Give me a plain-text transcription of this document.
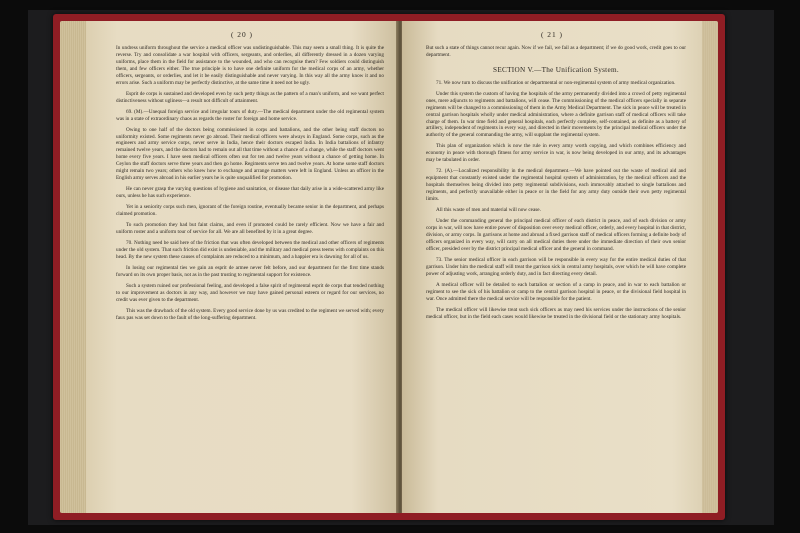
( 20 )

In undress uniform throughout the service a medical officer was undistinguishable. This may seem a small thing. It is quite the reverse. Try and consolidate a war hospital with officers, sergeants, and orderlies, all differently dressed in a dozen varying uniforms, place them in the field for assistance to the wounded, and who can recognise them? Few soldiers could distinguish them, and few officers either. The true principle is to have one definite uniform for the medical corps of an army, whether officers, sergeants, or orderlies, and let it be easily distinguishable and never varying. In this way all the army know it and no errors arise. Such a uniform may be perfectly distinctive, at the same time it need not be ugly.

Esprit de corps is sustained and developed even by such petty things as the pattern of a man's uniform, and we want perfect distinctiveness without ugliness—a result not difficult of attainment.

69. (M).—Unequal foreign service and irregular tours of duty.—The medical department under the old regimental system was in a state of extraordinary chaos as regards the roster for foreign and home service.

Owing to one half of the doctors being commissioned in corps and battalions, and the other being staff doctors no uniformity existed. Some regiments never go abroad. Their medical officers were always in England. Some corps, such as the engineers and army service corps, never serve in India, hence their doctors escaped India. In India battalions of infantry remained twelve years, and the doctors had to remain out all that time without a chance of a change, while the staff doctors went home every five years. I have seen medical officers often out for ten and twelve years without a chance of getting home. In Ceylon the staff doctors serve three years and then go home. Regiments serve ten and twelve years. At home some staff doctors might remain two years; others who knew how to exchange and arrange matters were left in England. Unless an officer in the English army serves abroad in his earlier years he is quite unqualified for promotion.

He can never grasp the varying questions of hygiene and sanitation, or disease that daily arise in a wide-scattered army like ours, unless he has such experience.

Yet in a seniority corps such men, ignorant of the foreign routine, eventually became senior in the department, and perhaps claimed promotion.

To such promotion they had but faint claims, and even if promoted could be rarely efficient. Now we have a fair and uniform roster and a uniform tour of service for all. We are all benefited by it in a great degree.

70. Nothing need be said here of the friction that was often developed between the medical and other officers of regiments under the old system. That such friction did exist is undeniable, and the military and medical press teems with complaints on this head. By the new system these causes of complaints are reduced to a minimum, and a happier era is dawning for all of us.

In losing our regimental ties we gain an esprit de armee never felt before, and our department for the first time stands forward on its own proper basis, not as in the past trusting to regimental support for existence.

Such a system ruined our professional feeling, and developed a false spirit of regimental esprit de corps that tended nothing to our improvement as doctors in any way, and however we may have gained personal esteem or regard for our services, no credit was ever given to the department.

This was the drawback of the old system. Every good service done by us was credited to the regiment we served with; every faux pas was set down to the fault of the long-suffering department.

( 21 )

But such a state of things cannot recur again. Now if we fail, we fail as a department; if we do good work, credit goes to our department.

SECTION V.—The Unification System.

71. We now turn to discuss the unification or departmental or non-regimental system of army medical organization.

Under this system the custom of having the hospitals of the army permanently divided into a crowd of petty regimental ones, mere adjuncts to regiments and battalions, will cease. The commissioning of the medical officers specially in separate regiments will be changed to a commissioning of them in the Army Medical Department. The sick in peace will be treated in central garrison hospitals wholly under medical administration, where a definite garrison staff of medical officers will take charge of them. In war time field and general hospitals, each perfectly complete, self-contained, as definite as a battery of artillery, independent of regiments in every way, and directed in their movements by the principal medical officers under the authority of the general commanding the army, will supplant the regimental system.

This plan of organization which is now the rule in every army worth copying, and which combines efficiency and economy in peace with thorough fitness for army service in war, is now being developed in our army, and its advantages may be tabulated in order.

72. (A).—Localized responsibility in the medical department.—We have pointed out the waste of medical aid and equipment that constantly existed under the regimental hospital system of administration, by the medical officers and the hospitals themselves being divided into petty regimental subdivisions, each immovably attached to single battalions and regiments, and perfectly unavailable either in peace or in the field for any army duty outside their own petty regimental limits.

All this waste of men and material will now cease.

Under the commanding general the principal medical officer of each district in peace, and of each division or army corps in war, will now have entire power of disposition over every medical officer, orderly, and every hospital in that district, division, or army corps. In garrisons at home and abroad a fixed garrison staff of medical officers forming a definite body of officers organized in every way, will carry on all medical duties there under the immediate direction of their own senior officer, presided over by the district principal medical officer and the general in command.

73. The senior medical officer in each garrison will be responsible in every way for the entire medical duties of that garrison. Under him the medical staff will treat the garrison sick in central army hospitals, over which he will have complete power of adjusting work, arranging orderly duty, and in fact directing every detail.

A medical officer will be detailed to each battalion or section of a camp in peace, and in war to each battalion or regiment to see the sick of his battalion or camp to the central garrison hospital in peace, or the divisional field hospital in war. Once admitted there the medical service will be responsible for the patient.

The medical officer will likewise treat such sick officers as may need his services under the instructions of the senior medical officer, but in the field each cases would likewise be treated in the divisional field or the stationary army hospitals.
